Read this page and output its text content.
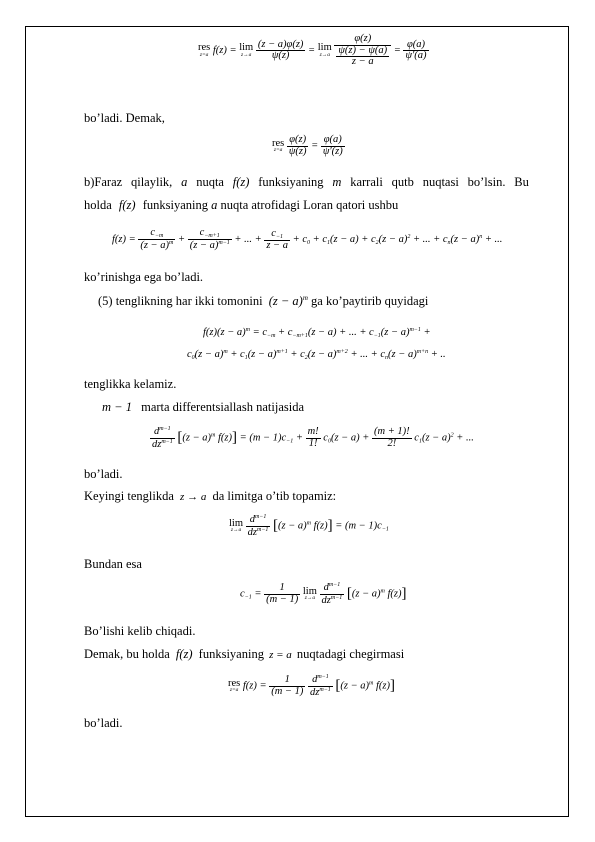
res
z=a f(z) = lim
z→a
$\frac{(z - a)\varphi(z)}{\psi(z)} = \lim$
z→a
$\frac{\varphi(z)}{\frac{\psi(z) - \psi(a)}{z - a}} = \frac{\varphi(a)}{\psi'(a)}$
bo’ladi. Demak,
res
z=a
$\frac{\varphi(z)}{\psi(z)} = \frac{\varphi(a)}{\psi'(z)}$
b)Faraz qilaylik, a nuqta f(z) funksiyaning m karrali qutb nuqtasi bo’lsin. Bu
holda f(z) funksiyaning a nuqta atrofidagi Loran qatori ushbu
$f(z) = \frac{c_{-m}}{(z - a)^m} + \frac{c_{-m+1}}{(z - a)^{m-1}}$ + ... + $\frac{c_{-1}}{z - a} + c_0 + c_1(z - a) + c_2(z - a)^2$ + ... + $c_n(z - a)^n$ + ...
ko’rinishga ega bo’ladi.
(5) tenglikning har ikki tomonini $(z - a)^m$ ga ko’paytirib quyidagi
$f(z)(z - a)^m = c_{-m} + c_{-m+1}(z - a)$ + ... + $c_{-1}(z - a)^{m-1}$ +
$c_0(z - a)^m + c_1(z - a)^{m+1} + c_2(z - a)^{m+2}$ + ... + $c_n(z - a)^{m+n}$ + ..
tenglikka kelamiz.
m − 1 marta differentsiallash natijasida
$\frac{d^{m-1}}{dz^{m-1}} [(z - a)^m$ $f(z)] = (m - 1)c_{-1} + \frac{m!}{1!} c_0(z - a) + \frac{(m + 1)!}{2!} c_1(z - a)^2$ + ...
bo’ladi.
Keyingi tenglikda z → a da limitga o’tib topamiz:
lim
z→a
$\frac{d^{m-1}}{dz^{m-1}} [(z - a)^m$ $f(z)] = (m - 1)c_{-1}$
Bundan esa
$c_{-1} = \frac{1}{(m - 1)}$
lim
z→a
$\frac{d^{m-1}}{dz^{m-1}} [(z - a)^m$ f(z)]
Bo’lishi kelib chiqadi.
Demak, bu holda f(z) funksiyaning z = a nuqtadagi chegirmasi
res
z=a $f(z) = \frac{1}{(m - 1)}$
$\frac{d^{m-1}}{dz^{m-1}} [(z - a)^m$ f(z)]
bo’ladi.
